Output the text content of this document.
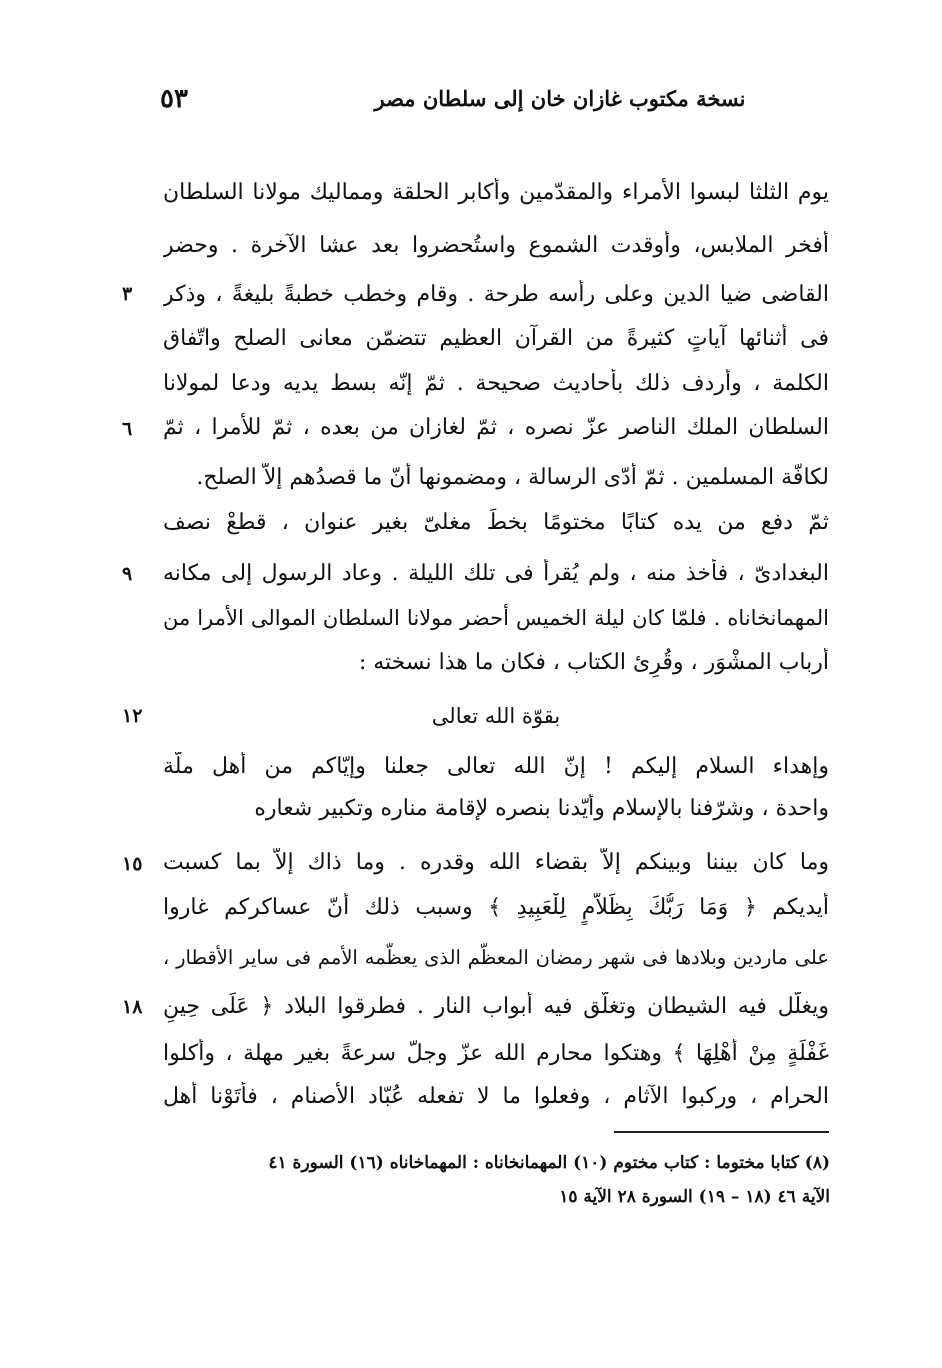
٥٣	نسخة مكتوب غازان خان إلى سلطان مصر
يوم الثلثا لبسوا الأمراء والمقدّمين وأكابر الحلقة ومماليك مولانا السلطان
أفخر الملابس، وأُوقدت الشموع واستُحضروا بعد عشا الآخرة . وحضر
القاضى ضيا الدين وعلى رأسه طرحة . وقام وخطب خطبةً بليغةً ، وذكر
٣
فى أثنائها آياتٍ كثيرةً من القرآن العظيم تتضمّن معانى الصلح واتّفاق
الكلمة ، وأردف ذلك بأحاديث صحيحة . ثمّ إنّه بسط يديه ودعا لمولانا
السلطان الملك الناصر عزّ نصره ، ثمّ لغازان من بعده ، ثمّ للأمرا ، ثمّ
٦
لكافّة المسلمين . ثمّ أدّى الرسالة ، ومضمونها أنّ ما قصدُهم إلاّ الصلح.
ثمّ دفع من يده كتابًا مختومًا بخطٍّ مغلىّ بغير عنوان ، قطعْ نصف
البغدادىّ ، فأُخذ منه ، ولم يُقرأ فى تلك الليلة . وعاد الرسول إلى مكانه
٩
المهمانخاناه . فلمّا كان ليلة الخميس أحضر مولانا السلطان الموالى الأمرا من
أرباب المشْوَر ، وقُرِئ الكتاب ، فكان ما هذا نسخته :
بقوّة الله تعالى
١٢
وإهداء السلام إليكم ! إنّ الله تعالى جعلنا وإيّاكم من أهل ملّة
واحدة ، وشرّفنا بالإسلام وأيّدنا بنصره لإقامة مناره وتكبير شعاره
وما كان بيننا وبينكم إلاّ بقضاء الله وقدره . وما ذاك إلاّ بما كسبت
١٥
أيديكم ﴿ وَمَا رَبُّكَ بِظَلاَّمٍ لِلْعَبِيدِ ﴾ وسبب ذلك أنّ عساكركم غاروا
على ماردين وبلادها فى شهر رمضان المعظّم الذى يعظّمه الأمم فى ساير الأقطار ،
ويغلّل فيه الشيطان وتغلّق فيه أبواب النار . فطرقوا البلاد ﴿ عَلَى حِينِ
١٨
غَفْلَةٍ مِنْ أَهْلِهَا ﴾ وهتكوا محارم الله عزّ وجلّ سرعةً بغير مهلة ، وأكلوا
الحرام ، وركبوا الآثام ، وفعلوا ما لا تفعله عُبّاد الأصنام ، فأتَوْنا أهل
(٨) كتابا مختوما : كتاب مختوم (١٠) المهمانخاناه : المهماخاناه (١٦) السورة ٤١
الآية ٤٦ (١٨ – ١٩) السورة ٢٨ الآية ١٥
